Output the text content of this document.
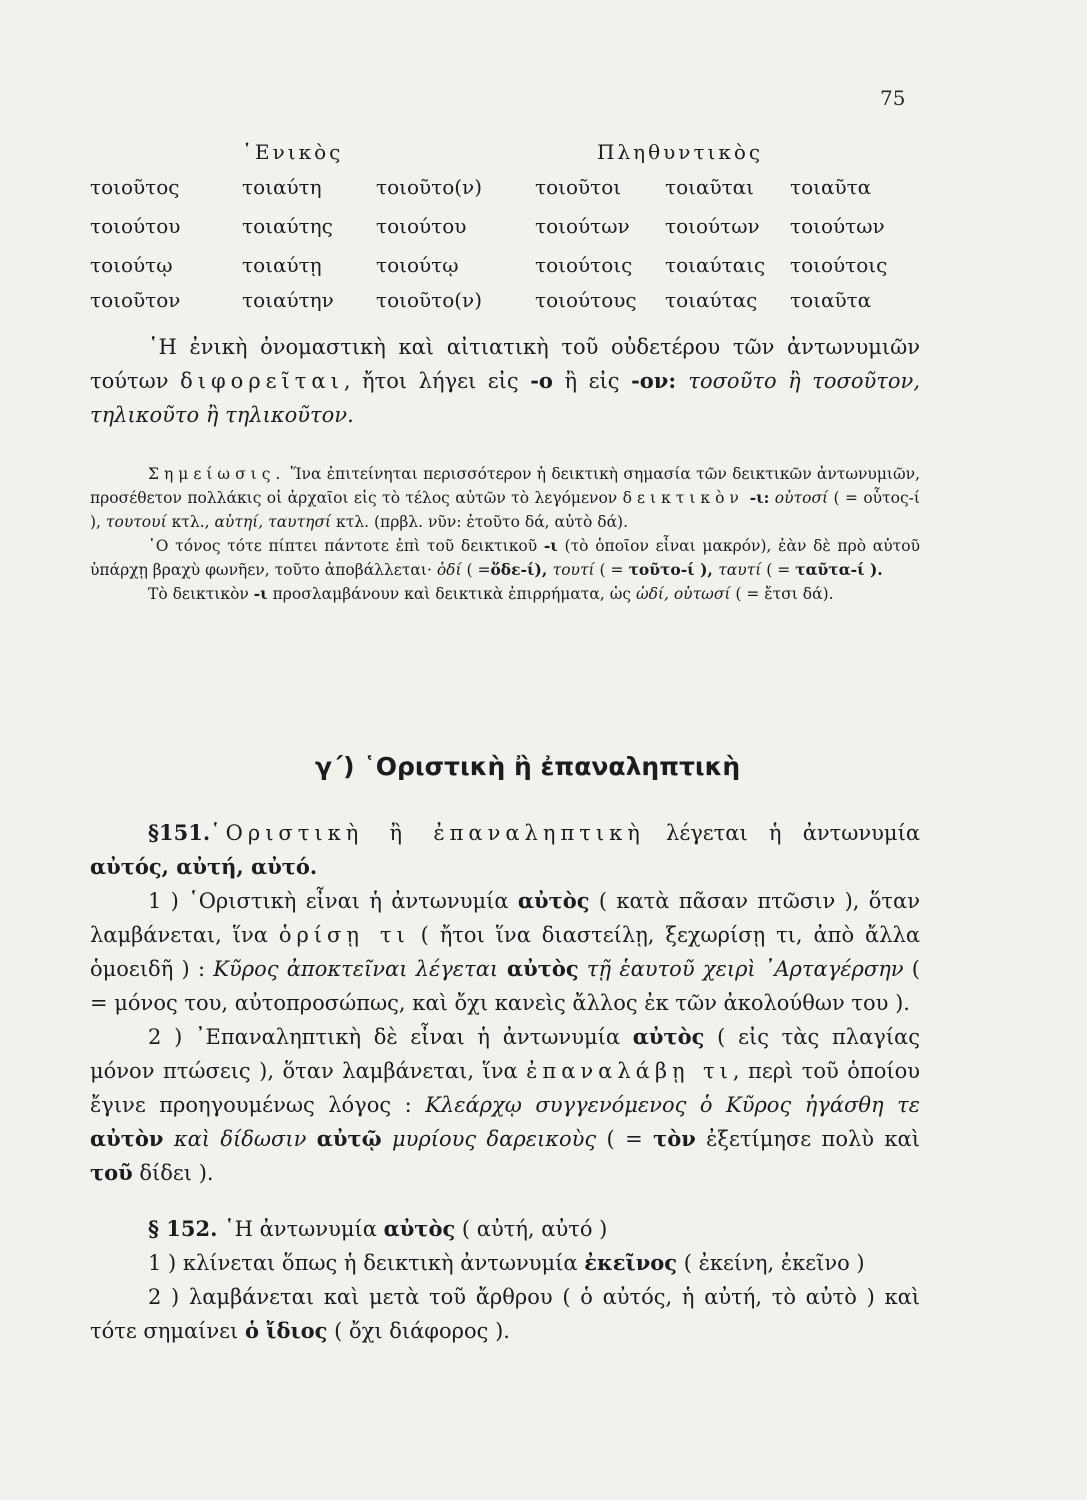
75
῾Ενικὸς	Πληθυντικὸς
τοιοῦτος	τοιαύτη	τοιοῦτο(ν)	τοιοῦτοι τοιαῦται τοιαῦτα
τοιούτου	τοιαύτης τοιούτου	τοιούτων τοιούτων τοιούτων
τοιούτῳ	τοιαύτῃ	τοιούτῳ	τοιούτοις τοιαύταις τοιούτοις
τοιοῦτον	τοιαύτην τοιοῦτο(ν)	τοιούτους τοιαύτας τοιαῦτα

῾Η ἐνικὴ ὀνομαστικὴ καὶ αἰτιατικὴ τοῦ οὐδετέρου τῶν ἀντωνυμιῶν τούτων διφορεῖται, ἤτοι λήγει εἰς -ο ἢ εἰς -ον: τοσοῦτο ἢ τοσοῦτον, τηλικοῦτο ἢ τηλικοῦτον.

Σημείωσις. Ἵνα ἐπιτείνηται περισσότερον ἡ δεικτικὴ σημασία τῶν δεικτικῶν ἀντωνυμιῶν, προσέθετον πολλάκις οἱ ἀρχαῖοι εἰς τὸ τέλος αὐτῶν τὸ λεγόμενον δεικτικὸν -ι: οὑτοσί ( = οὗτος-ί ), τουτουί κτλ., αὑτηί, ταυτησί κτλ. (πρβλ. νῦν: ἐτοῦτο δά, αὐτὸ δά).

῾Ο τόνος τότε πίπτει πάντοτε ἐπὶ τοῦ δεικτικοῦ -ι (τὸ ὁποῖον εἶναι μακρόν), ἐὰν δὲ πρὸ αὐτοῦ ὑπάρχῃ βραχὺ φωνῆεν, τοῦτο ἀποβάλλεται· ὁδί ( =ὅδε-ί), τουτί ( = τοῦτο-ί ), ταυτί ( = ταῦτα-ί ).

Τὸ δεικτικὸν -ι προσλαμβάνουν καὶ δεικτικὰ ἐπιρρήματα, ὡς ὡδί, οὑτωσί ( = ἔτσι δά).

γ΄) ῾Οριστικὴ ἢ ἐπαναληπτικὴ

§151.῾Οριστικὴ ἢ ἐπαναληπτικὴ λέγεται ἡ ἀντωνυμία αὐτός, αὐτή, αὐτό.

1 ) ῾Οριστικὴ εἶναι ἡ ἀντωνυμία αὐτὸς ( κατὰ πᾶσαν πτῶσιν ), ὅταν λαμβάνεται, ἵνα ὁρίσῃ τι ( ἤτοι ἵνα διαστείλῃ, ξεχωρίσῃ τι, ἀπὸ ἄλλα ὁμοειδῆ ) : Κῦρος ἀποκτεῖναι λέγεται αὐτὸς τῇ ἑαυτοῦ χειρὶ ᾿Αρταγέρσην ( = μόνος του, αὐτοπροσώπως, καὶ ὄχι κανεὶς ἄλλος ἐκ τῶν ἀκολούθων του ).

2 ) ᾿Επαναληπτικὴ δὲ εἶναι ἡ ἀντωνυμία αὐτὸς ( εἰς τὰς πλαγίας μόνον πτώσεις ), ὅταν λαμβάνεται, ἵνα ἐπαναλάβῃ τι, περὶ τοῦ ὁποίου ἔγινε προηγουμένως λόγος : Κλεάρχῳ συγγενόμενος ὁ Κῦρος ἠγάσθη τε αὐτὸν καὶ δίδωσιν αὐτῷ μυρίους δαρεικοὺς ( = τὸν ἐξετίμησε πολὺ καὶ τοῦ δίδει ).

§ 152. ῾Η ἀντωνυμία αὐτὸς ( αὐτή, αὐτό )

1 ) κλίνεται ὅπως ἡ δεικτικὴ ἀντωνυμία ἐκεῖνος ( ἐκείνη, ἐκεῖνο )

2 ) λαμβάνεται καὶ μετὰ τοῦ ἄρθρου ( ὁ αὐτός, ἡ αὐτή, τὸ αὐτὸ ) καὶ τότε σημαίνει ὁ ἴδιος ( ὄχι διάφορος ).
